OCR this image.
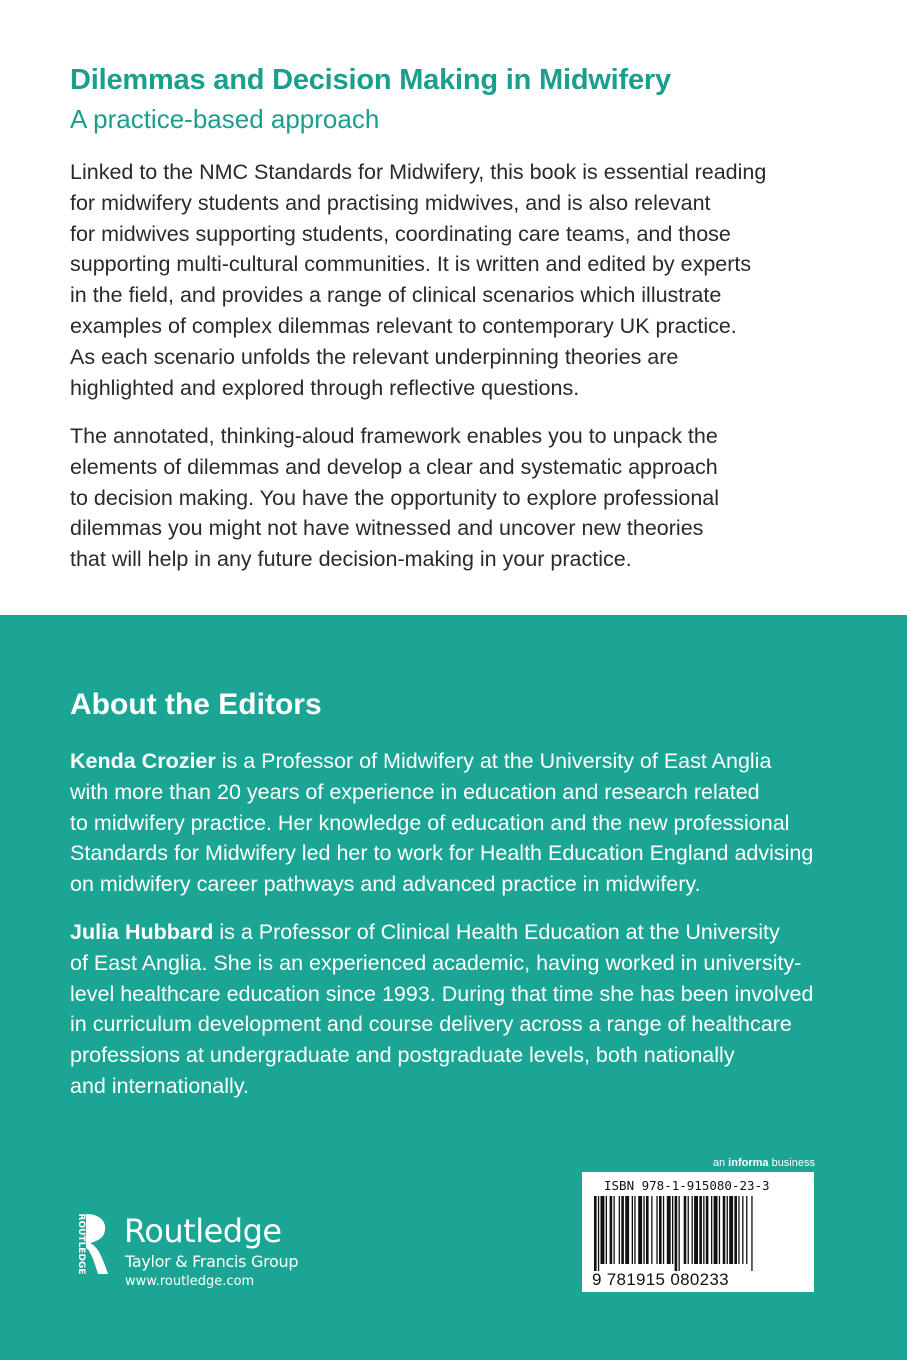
Dilemmas and Decision Making in Midwifery
A practice-based approach
Linked to the NMC Standards for Midwifery, this book is essential reading
for midwifery students and practising midwives, and is also relevant
for midwives supporting students, coordinating care teams, and those
supporting multi-cultural communities. It is written and edited by experts
in the field, and provides a range of clinical scenarios which illustrate
examples of complex dilemmas relevant to contemporary UK practice.
As each scenario unfolds the relevant underpinning theories are
highlighted and explored through reflective questions.
The annotated, thinking-aloud framework enables you to unpack the
elements of dilemmas and develop a clear and systematic approach
to decision making. You have the opportunity to explore professional
dilemmas you might not have witnessed and uncover new theories
that will help in any future decision-making in your practice.
About the Editors
Kenda Crozier is a Professor of Midwifery at the University of East Anglia
with more than 20 years of experience in education and research related
to midwifery practice. Her knowledge of education and the new professional
Standards for Midwifery led her to work for Health Education England advising
on midwifery career pathways and advanced practice in midwifery.
Julia Hubbard is a Professor of Clinical Health Education at the University
of East Anglia. She is an experienced academic, having worked in university-
level healthcare education since 1993. During that time she has been involved
in curriculum development and course delivery across a range of healthcare
professions at undergraduate and postgraduate levels, both nationally
and internationally.
ROUTLEDGE Routledge
Taylor & Francis Group
www.routledge.com
an informa business
ISBN 978-1-915080-23-3
9 781915 080233
